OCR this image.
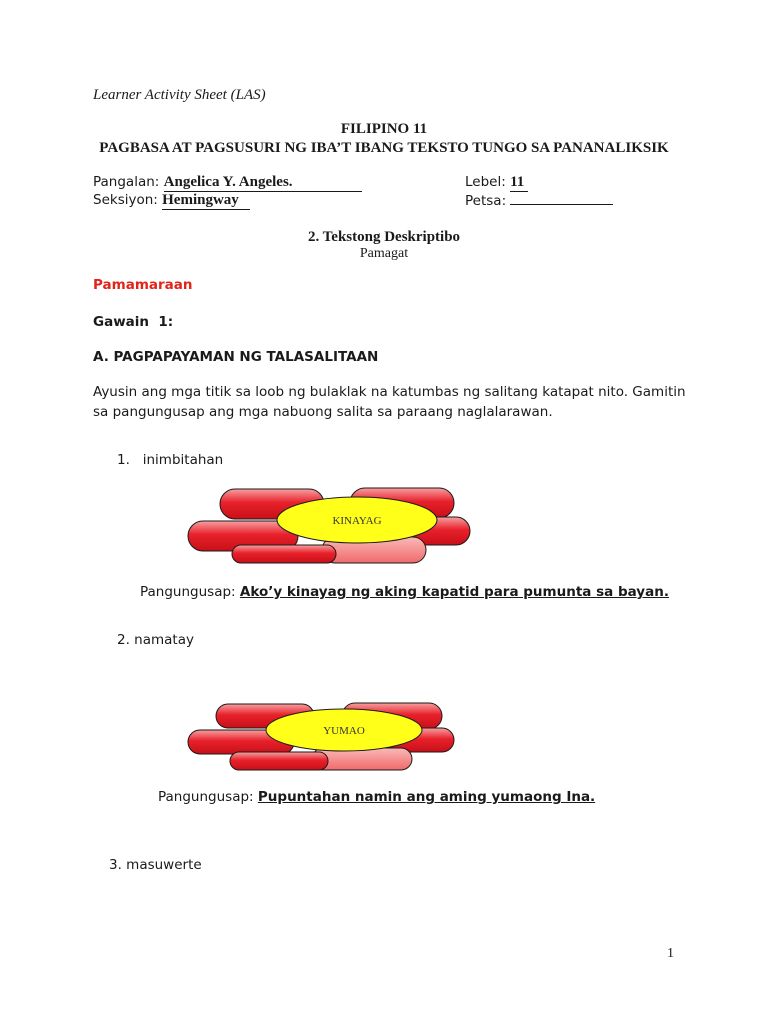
Learner Activity Sheet (LAS)
FILIPINO 11
PAGBASA AT PAGSUSURI NG IBA’T IBANG TEKSTO TUNGO SA PANANALIKSIK
Pangalan: Angelica Y. Angeles.	Lebel: 11
Seksiyon: Hemingway	Petsa:
2. Tekstong Deskriptibo
Pamagat
Pamamaraan
Gawain  1:
A. PAGPAPAYAMAN NG TALASALITAAN
Ayusin ang mga titik sa loob ng bulaklak na katumbas ng salitang katapat nito. Gamitin sa pangungusap ang mga nabuong salita sa paraang naglalarawan.
1.   inimbitahan
KINAYAG
Pangungusap: Ako’y kinayag ng aking kapatid para pumunta sa bayan.
2. namatay
YUMAO
Pangungusap: Pupuntahan namin ang aming yumaong Ina.
3. masuwerte
1
